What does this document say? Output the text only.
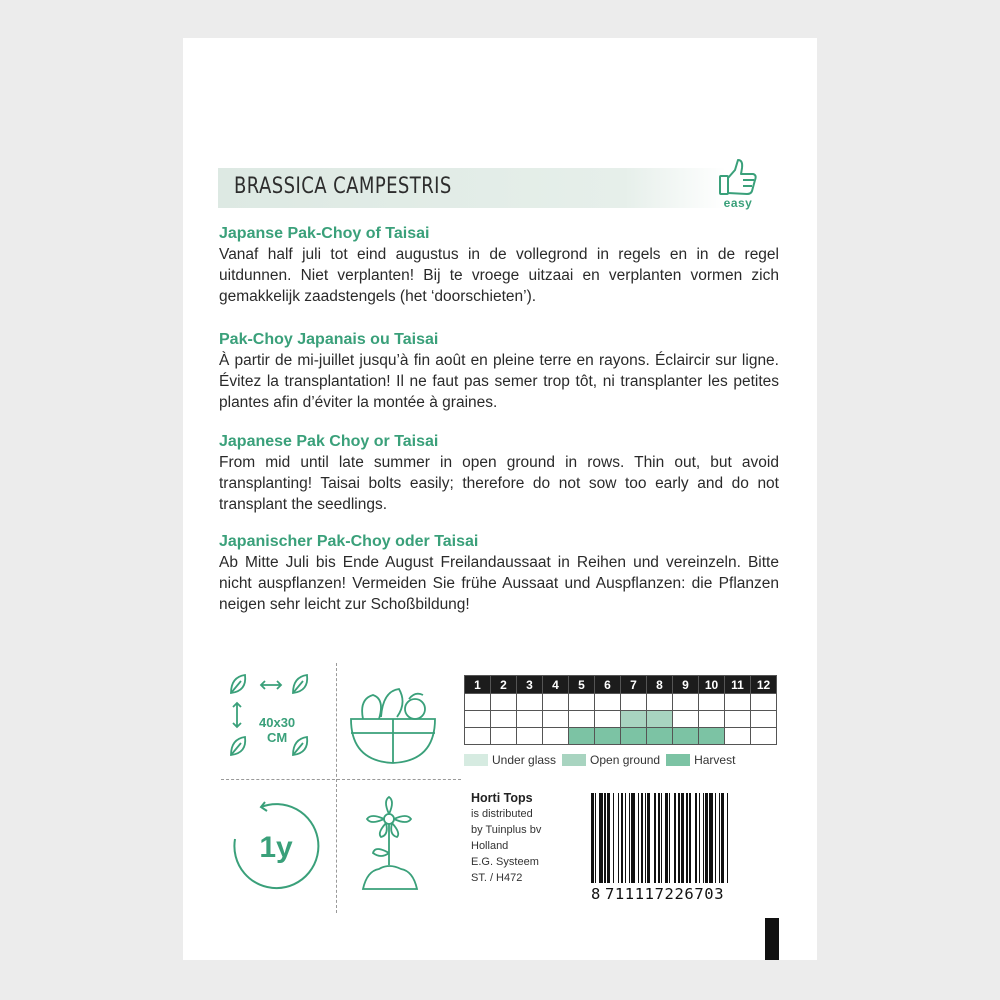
BRASSICA CAMPESTRIS
easy
Japanse Pak-Choy of Taisai

Vanaf half juli tot eind augustus in de vollegrond in regels en in de regel uitdunnen. Niet verplanten! Bij te vroege uitzaai en verplanten vormen zich gemakkelijk zaadstengels (het ‘doorschieten’).

Pak-Choy Japanais ou Taisai

À partir de mi-juillet jusqu’à fin août en pleine terre en rayons. Éclaircir sur ligne. Évitez la transplantation! Il ne faut pas semer trop tôt, ni transplanter les petites plantes afin d’éviter la montée à graines.

Japanese Pak Choy or Taisai

From mid until late summer in open ground in rows. Thin out, but avoid transplanting! Taisai bolts easily; therefore do not sow too early and do not transplant the seedlings.

Japanischer Pak-Choy oder Taisai

Ab Mitte Juli bis Ende August Freilandaussaat in Reihen und vereinzeln. Bitte nicht auspflanzen! Vermeiden Sie frühe Aussaat und Auspflanzen: die Pflanzen neigen sehr leicht zur Schoßbildung!

40x30
CM
1y
1	2	3	4	5	6	7	8	9	10	11	12

Under glass	Open ground	Harvest
Horti Tops
is distributed
by Tuinplus bv
Holland
E.G. Systeem
ST. / H472
8 711117226703
